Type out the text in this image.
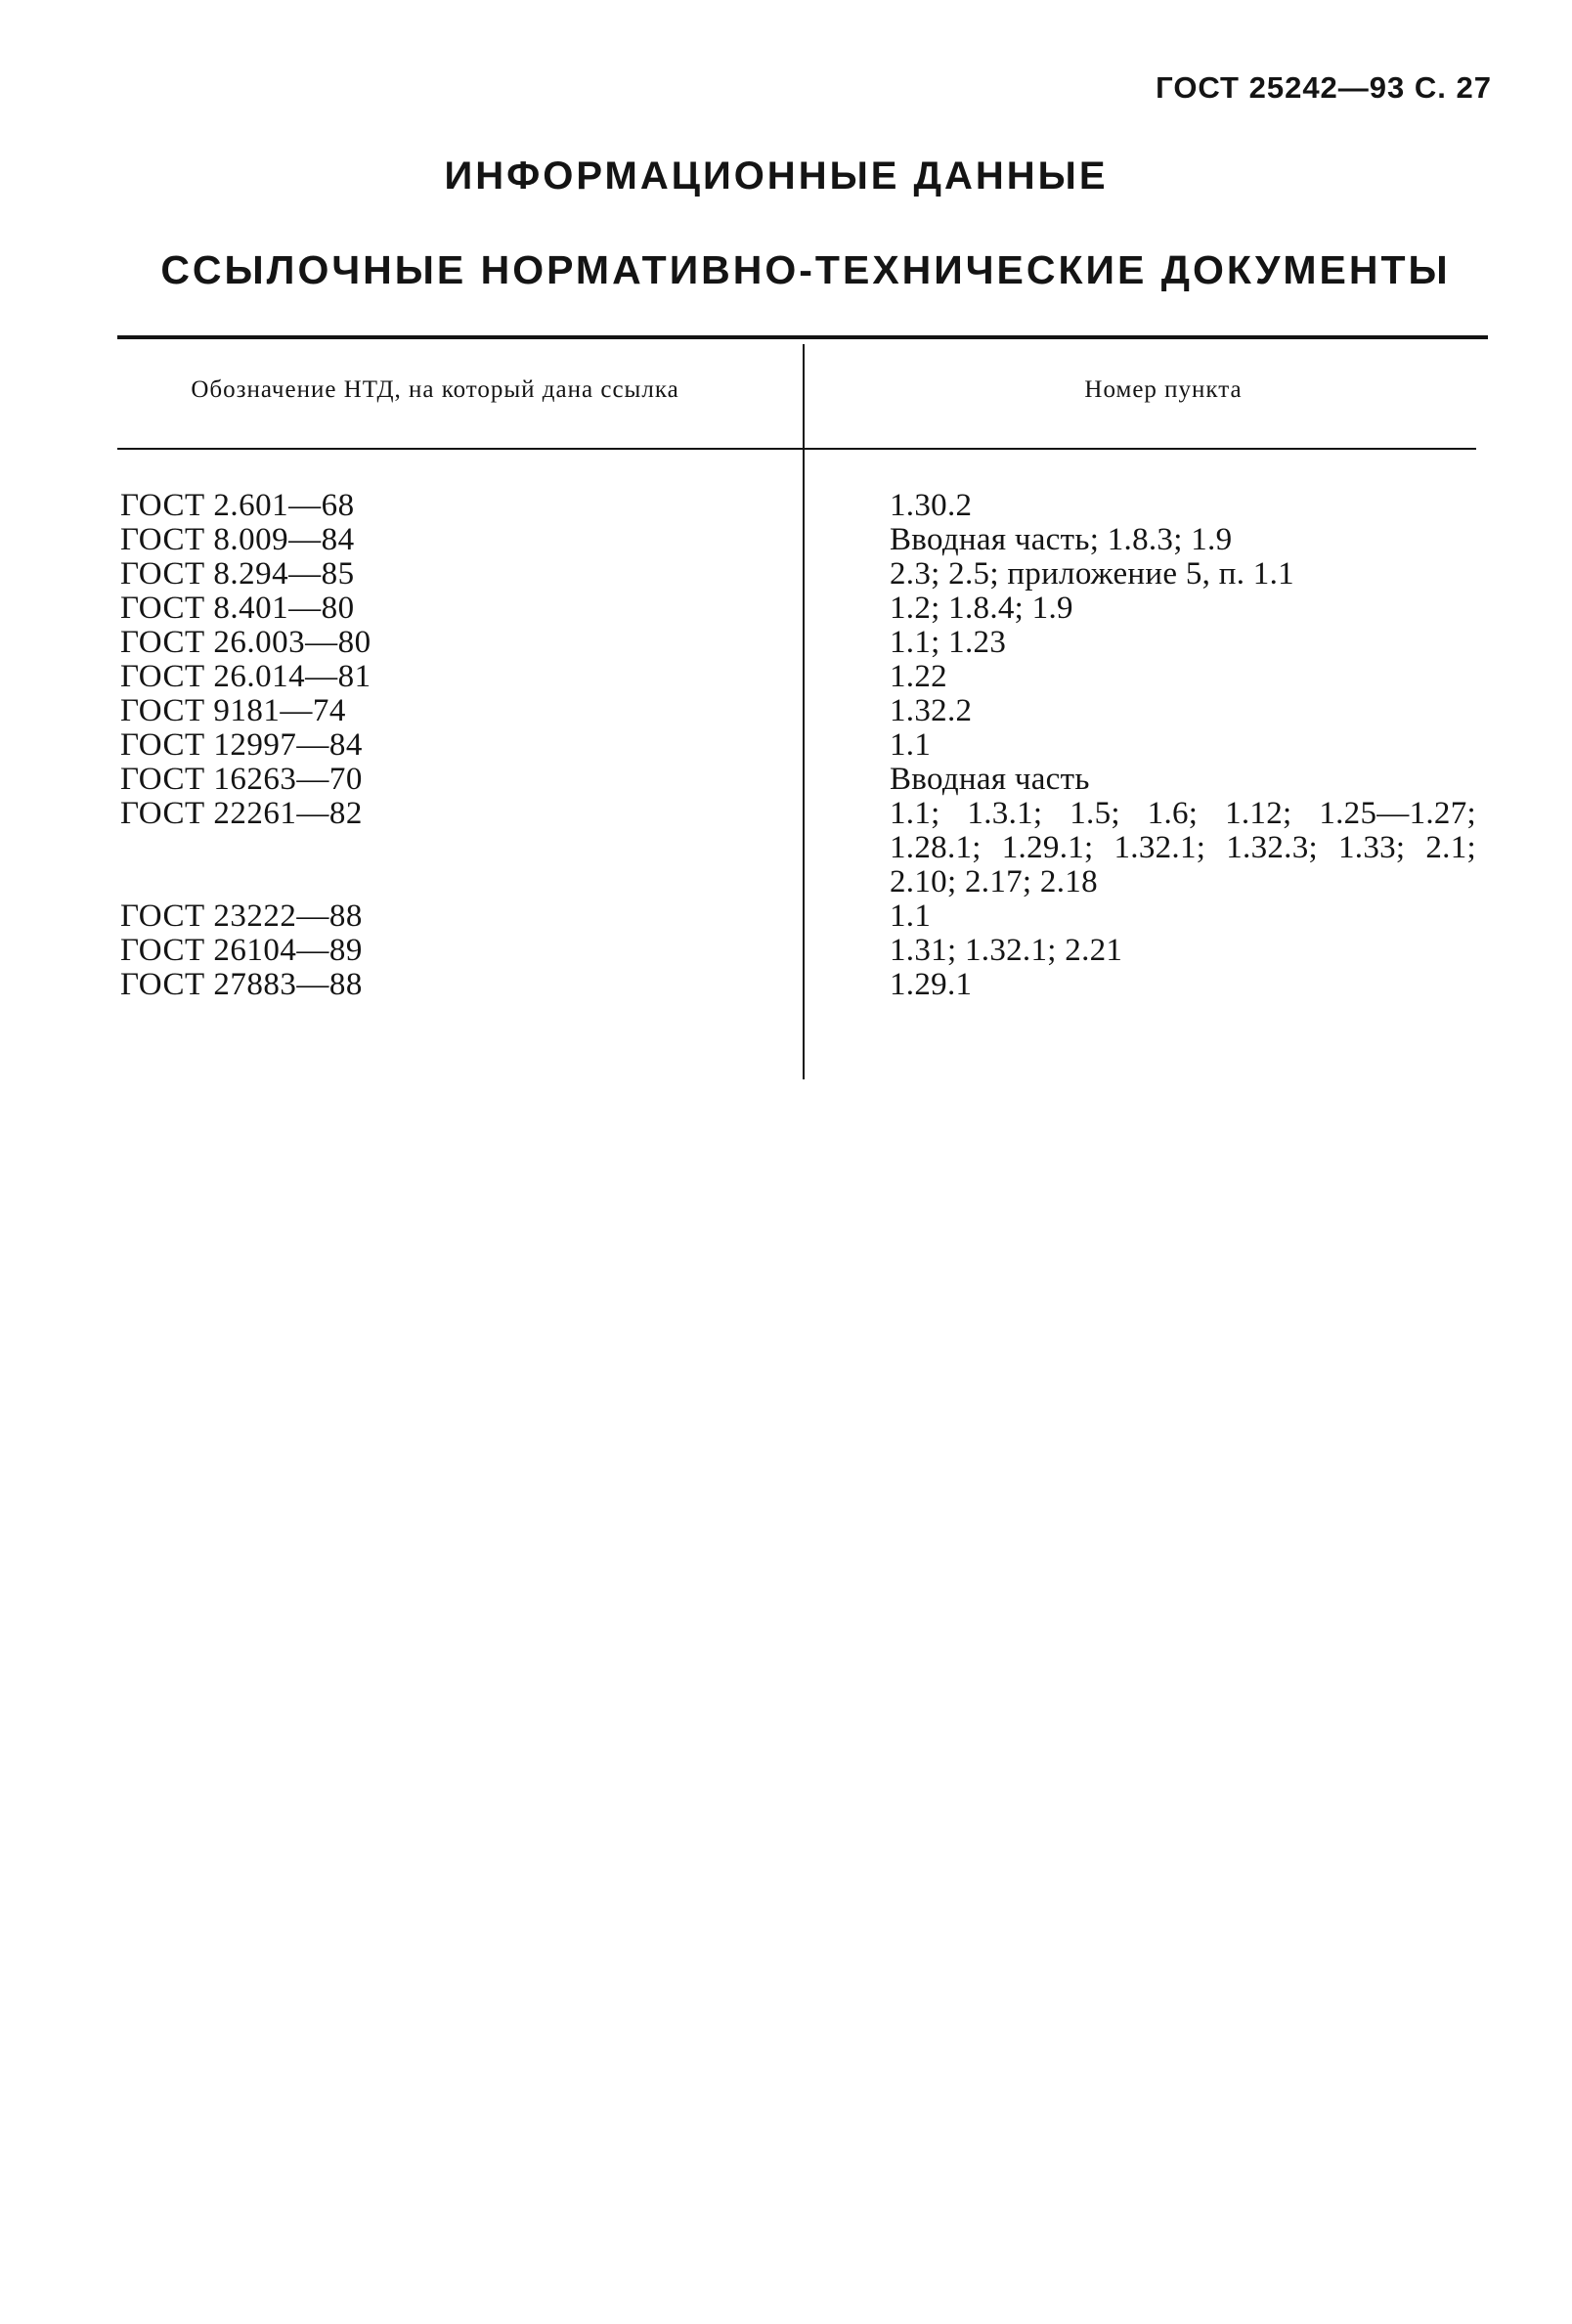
ГОСТ 25242—93 С. 27
ИНФОРМАЦИОННЫЕ ДАННЫЕ
ССЫЛОЧНЫЕ НОРМАТИВНО-ТЕХНИЧЕСКИЕ ДОКУМЕНТЫ
Обозначение НТД, на который дана ссылка	Номер пункта
ГОСТ 2.601—68	1.30.2
ГОСТ 8.009—84	Вводная часть; 1.8.3; 1.9
ГОСТ 8.294—85	2.3; 2.5; приложение 5, п. 1.1
ГОСТ 8.401—80	1.2; 1.8.4; 1.9
ГОСТ 26.003—80	1.1; 1.23
ГОСТ 26.014—81	1.22
ГОСТ 9181—74	1.32.2
ГОСТ 12997—84	1.1
ГОСТ 16263—70	Вводная часть
ГОСТ 22261—82	1.1; 1.3.1; 1.5; 1.6; 1.12; 1.25—1.27; 1.28.1; 1.29.1; 1.32.1; 1.32.3; 1.33; 2.1; 2.10; 2.17; 2.18
ГОСТ 23222—88	1.1
ГОСТ 26104—89	1.31; 1.32.1; 2.21
ГОСТ 27883—88	1.29.1
